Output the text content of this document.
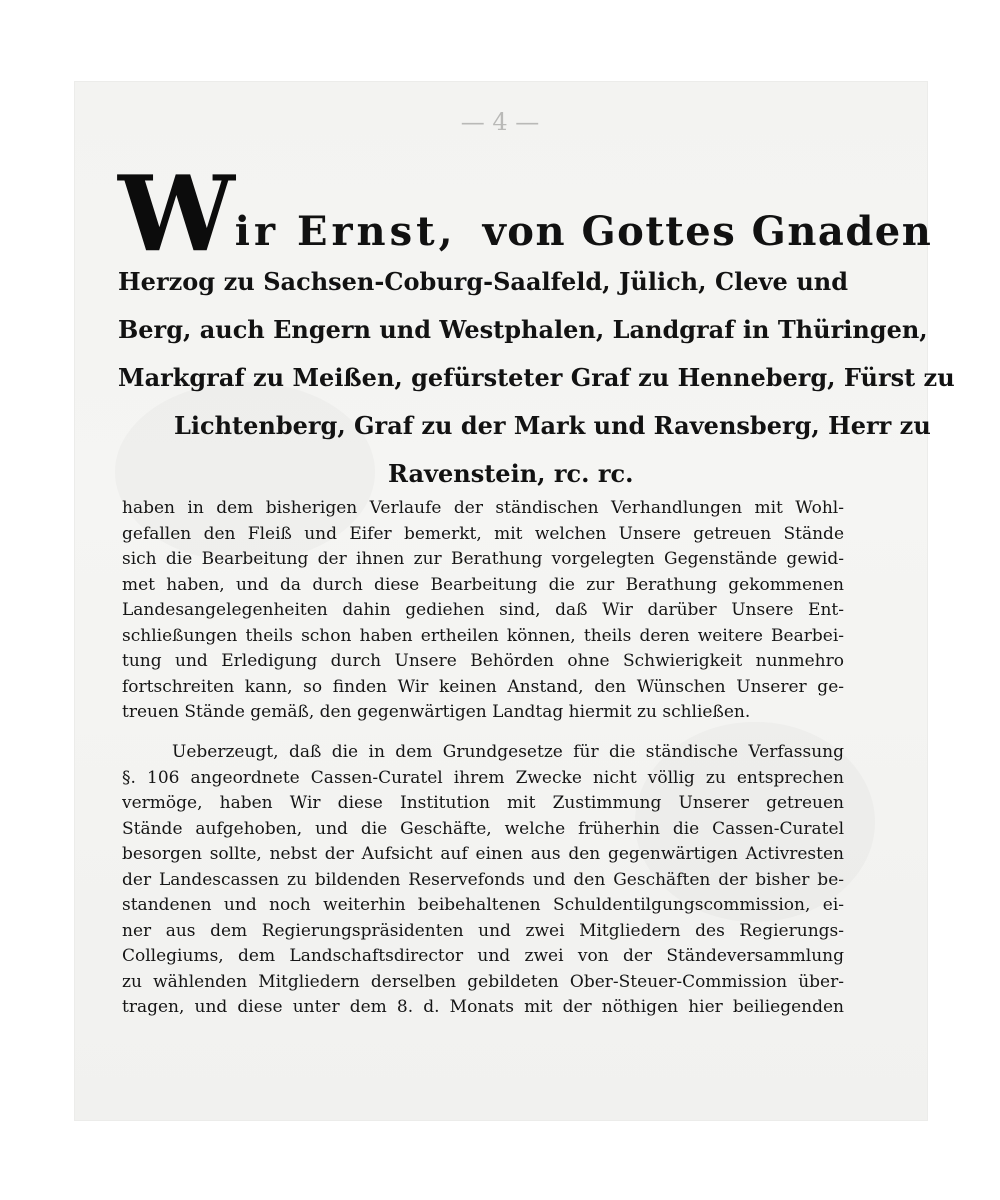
— 4 —
W ir Ernst, von Gottes Gnaden
Herzog zu Sachsen-Coburg-Saalfeld, Jülich, Cleve und
Berg, auch Engern und Westphalen, Landgraf in Thüringen,
Markgraf zu Meißen, gefürsteter Graf zu Henneberg, Fürst zu
Lichtenberg, Graf zu der Mark und Ravensberg, Herr zu
Ravenstein, rc. rc.
haben in dem bisherigen Verlaufe der ständischen Verhandlungen mit Wohl-
gefallen den Fleiß und Eifer bemerkt, mit welchen Unsere getreuen Stände
sich die Bearbeitung der ihnen zur Berathung vorgelegten Gegenstände gewid-
met haben, und da durch diese Bearbeitung die zur Berathung gekommenen
Landesangelegenheiten dahin gediehen sind, daß Wir darüber Unsere Ent-
schließungen theils schon haben ertheilen können, theils deren weitere Bearbei-
tung und Erledigung durch Unsere Behörden ohne Schwierigkeit nunmehro
fortschreiten kann, so finden Wir keinen Anstand, den Wünschen Unserer ge-
treuen Stände gemäß, den gegenwärtigen Landtag hiermit zu schließen.
Ueberzeugt, daß die in dem Grundgesetze für die ständische Verfassung
§. 106 angeordnete Cassen-Curatel ihrem Zwecke nicht völlig zu entsprechen
vermöge, haben Wir diese Institution mit Zustimmung Unserer getreuen
Stände aufgehoben, und die Geschäfte, welche früherhin die Cassen-Curatel
besorgen sollte, nebst der Aufsicht auf einen aus den gegenwärtigen Activresten
der Landescassen zu bildenden Reservefonds und den Geschäften der bisher be-
standenen und noch weiterhin beibehaltenen Schuldentilgungscommission, ei-
ner aus dem Regierungspräsidenten und zwei Mitgliedern des Regierungs-
Collegiums, dem Landschaftsdirector und zwei von der Ständeversammlung
zu wählenden Mitgliedern derselben gebildeten Ober-Steuer-Commission über-
tragen, und diese unter dem 8. d. Monats mit der nöthigen hier beiliegenden
